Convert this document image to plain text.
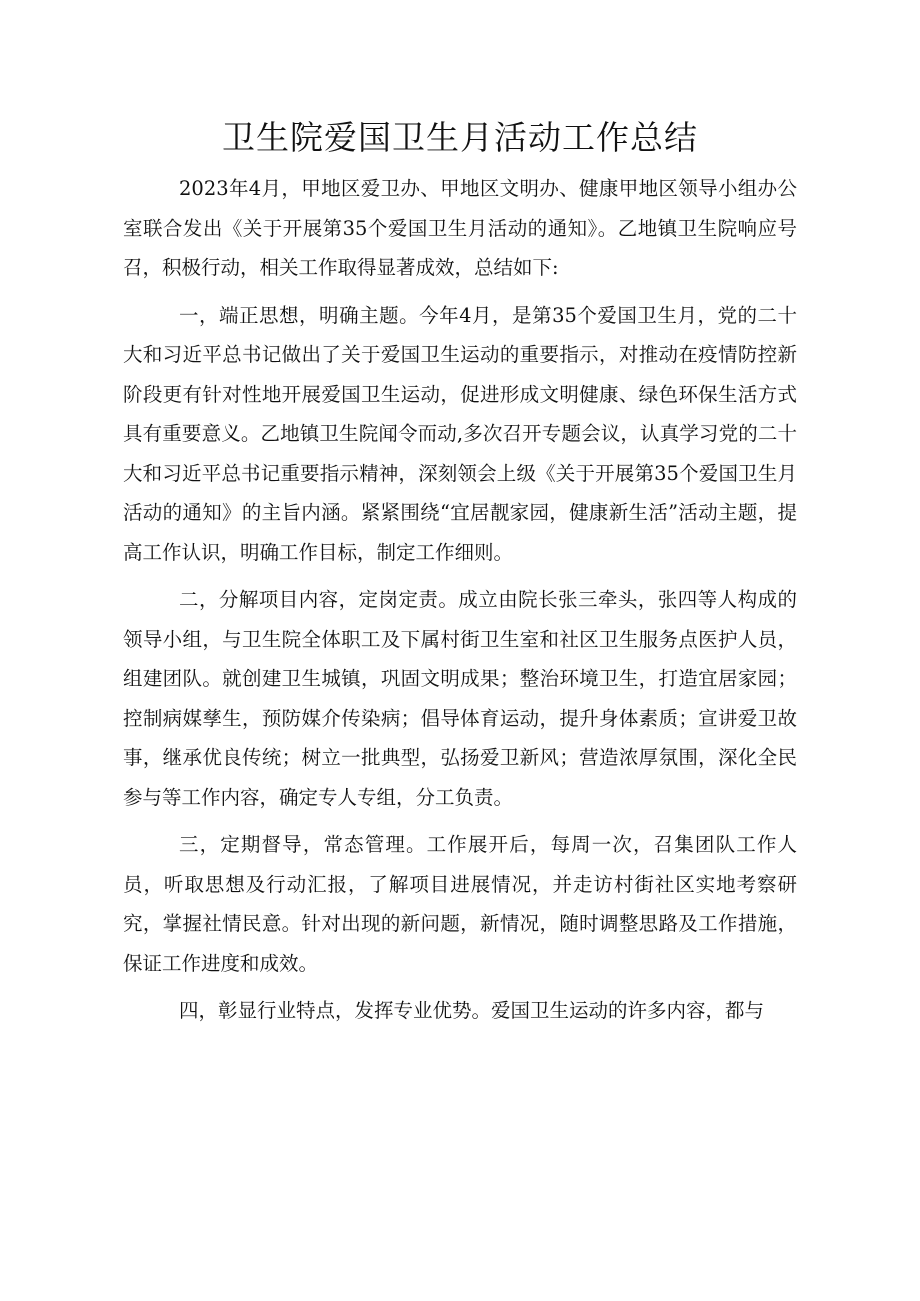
卫生院爱国卫生月活动工作总结

2023年4月，甲地区爱卫办、甲地区文明办、健康甲地区领导小组办公室联合发出《关于开展第35个爱国卫生月活动的通知》。乙地镇卫生院响应号召，积极行动，相关工作取得显著成效，总结如下:

一，端正思想，明确主题。今年4月，是第35个爱国卫生月，党的二十大和习近平总书记做出了关于爱国卫生运动的重要指示，对推动在疫情防控新阶段更有针对性地开展爱国卫生运动，促进形成文明健康、绿色环保生活方式具有重要意义。乙地镇卫生院闻令而动,多次召开专题会议，认真学习党的二十大和习近平总书记重要指示精神，深刻领会上级《关于开展第35个爱国卫生月活动的通知》的主旨内涵。紧紧围绕“宜居靓家园，健康新生活”活动主题，提高工作认识，明确工作目标，制定工作细则。

二，分解项目内容，定岗定责。成立由院长张三牵头，张四等人构成的领导小组，与卫生院全体职工及下属村街卫生室和社区卫生服务点医护人员，组建团队。就创建卫生城镇，巩固文明成果；整治环境卫生，打造宜居家园；控制病媒孳生，预防媒介传染病；倡导体育运动，提升身体素质；宣讲爱卫故事，继承优良传统；树立一批典型，弘扬爱卫新风；营造浓厚氛围，深化全民参与等工作内容，确定专人专组，分工负责。

三，定期督导，常态管理。工作展开后，每周一次，召集团队工作人员，听取思想及行动汇报，了解项目进展情况，并走访村街社区实地考察研究，掌握社情民意。针对出现的新问题，新情况，随时调整思路及工作措施，保证工作进度和成效。

四，彰显行业特点，发挥专业优势。爱国卫生运动的许多内容，都与
